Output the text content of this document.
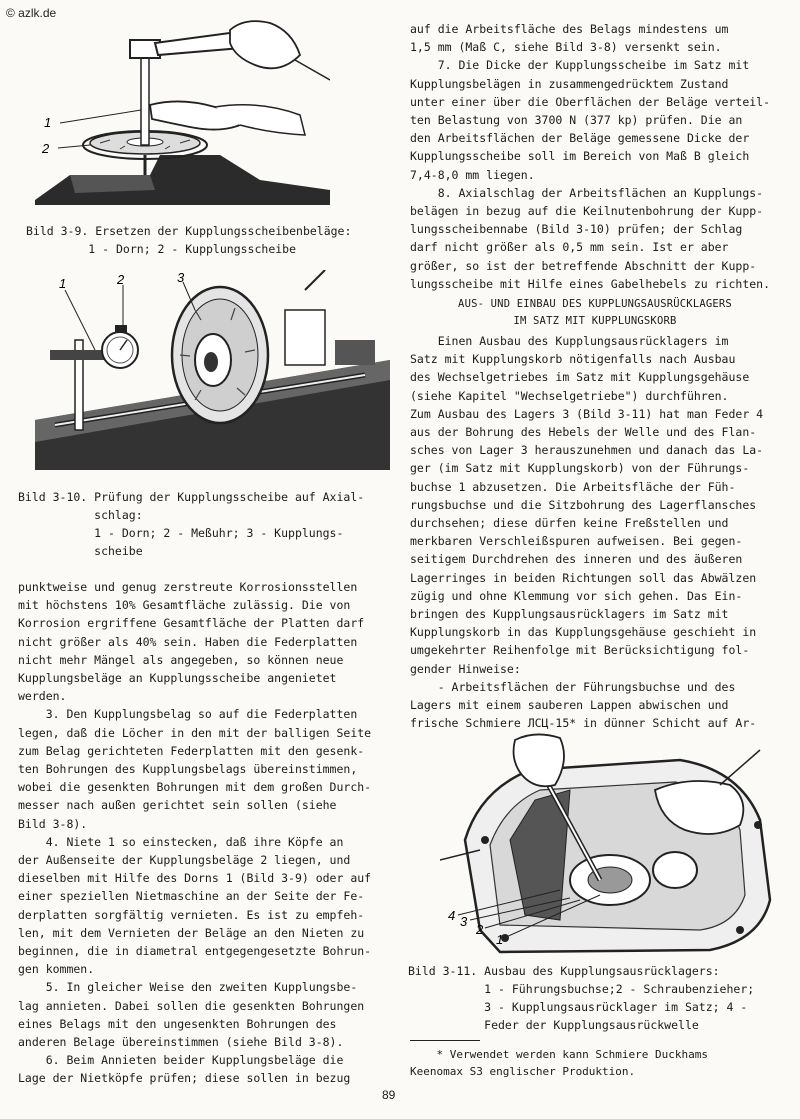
© azlk.de
1
2
Bild 3-9. Ersetzen der Kupplungsscheibenbeläge:
1 - Dorn; 2 - Kupplungsscheibe
1	2	3
Bild 3-10. Prüfung der Kupplungsscheibe auf Axial-
schlag:
1 - Dorn; 2 - Meßuhr; 3 - Kupplungs-
scheibe
punktweise und genug zerstreute Korrosionsstellen
mit höchstens 10% Gesamtfläche zulässig. Die von
Korrosion ergriffene Gesamtfläche der Platten darf
nicht größer als 40% sein. Haben die Federplatten
nicht mehr Mängel als angegeben, so können neue
Kupplungsbeläge an Kupplungsscheibe angenietet
werden.
3. Den Kupplungsbelag so auf die Federplatten
legen, daß die Löcher in den mit der balligen Seite
zum Belag gerichteten Federplatten mit den gesenk-
ten Bohrungen des Kupplungsbelags übereinstimmen,
wobei die gesenkten Bohrungen mit dem großen Durch-
messer nach außen gerichtet sein sollen (siehe
Bild 3-8).
4. Niete 1 so einstecken, daß ihre Köpfe an
der Außenseite der Kupplungsbeläge 2 liegen, und
dieselben mit Hilfe des Dorns 1 (Bild 3-9) oder auf
einer speziellen Nietmaschine an der Seite der Fe-
derplatten sorgfältig vernieten. Es ist zu empfeh-
len, mit dem Vernieten der Beläge an den Nieten zu
beginnen, die in diametral entgegengesetzte Bohrun-
gen kommen.
5. In gleicher Weise den zweiten Kupplungsbe-
lag annieten. Dabei sollen die gesenkten Bohrungen
eines Belags mit den ungesenkten Bohrungen des
anderen Belage übereinstimmen (siehe Bild 3-8).
6. Beim Annieten beider Kupplungsbeläge die
Lage der Nietköpfe prüfen; diese sollen in bezug
auf die Arbeitsfläche des Belags mindestens um
1,5 mm (Maß C, siehe Bild 3-8) versenkt sein.
7. Die Dicke der Kupplungsscheibe im Satz mit
Kupplungsbelägen in zusammengedrücktem Zustand
unter einer über die Oberflächen der Beläge verteil-
ten Belastung von 3700 N (377 kp) prüfen. Die an
den Arbeitsflächen der Beläge gemessene Dicke der
Kupplungsscheibe soll im Bereich von Maß B gleich
7,4-8,0 mm liegen.
8. Axialschlag der Arbeitsflächen an Kupplungs-
belägen in bezug auf die Keilnutenbohrung der Kupp-
lungsscheibennabe (Bild 3-10) prüfen; der Schlag
darf nicht größer als 0,5 mm sein. Ist er aber
größer, so ist der betreffende Abschnitt der Kupp-
lungsscheibe mit Hilfe eines Gabelhebels zu richten.
AUS- UND EINBAU DES KUPPLUNGSAUSRÜCKLAGERS
IM SATZ MIT KUPPLUNGSKORB
Einen Ausbau des Kupplungsausrücklagers im
Satz mit Kupplungskorb nötigenfalls nach Ausbau
des Wechselgetriebes im Satz mit Kupplungsgehäuse
(siehe Kapitel "Wechselgetriebe") durchführen.
Zum Ausbau des Lagers 3 (Bild 3-11) hat man Feder 4
aus der Bohrung des Hebels der Welle und des Flan-
sches von Lager 3 herauszunehmen und danach das La-
ger (im Satz mit Kupplungskorb) von der Führungs-
buchse 1 abzusetzen. Die Arbeitsfläche der Füh-
rungsbuchse und die Sitzbohrung des Lagerflansches
durchsehen; diese dürfen keine Freßstellen und
merkbaren Verschleißspuren aufweisen. Bei gegen-
seitigem Durchdrehen des inneren und des äußeren
Lagerringes in beiden Richtungen soll das Abwälzen
zügig und ohne Klemmung vor sich gehen. Das Ein-
bringen des Kupplungsausrücklagers im Satz mit
Kupplungskorb in das Kupplungsgehäuse geschieht in
umgekehrter Reihenfolge mit Berücksichtigung fol-
gender Hinweise:
- Arbeitsflächen der Führungsbuchse und des
Lagers mit einem sauberen Lappen abwischen und
frische Schmiere ЛСЦ-15* in dünner Schicht auf Ar-
4 3
2
1
Bild 3-11. Ausbau des Kupplungsausrücklagers:
1 - Führungsbuchse;2 - Schraubenzieher;
3 - Kupplungsausrücklager im Satz; 4 -
Feder der Kupplungsausrückwelle
* Verwendet werden kann Schmiere Duckhams
Keenomax S3 englischer Produktion.
89
